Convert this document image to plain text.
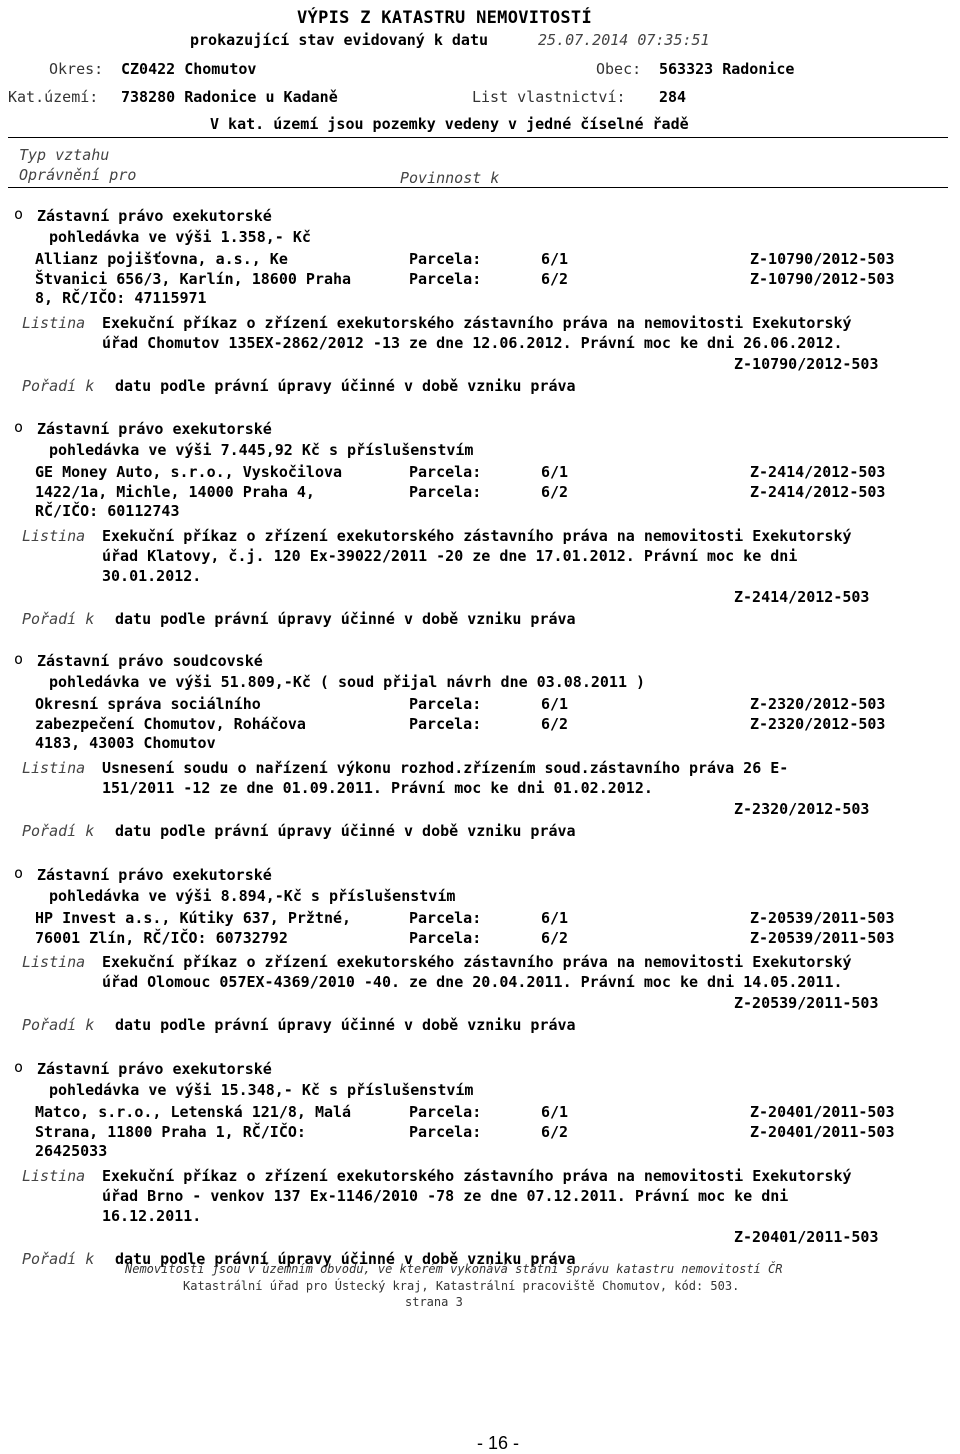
VÝPIS Z KATASTRU NEMOVITOSTÍ
prokazující stav evidovaný k datu	25.07.2014 07:35:51
Okres: CZ0422 Chomutov	Obec: 563323 Radonice
Kat.území: 738280 Radonice u Kadaně	List vlastnictví: 284
V kat. území jsou pozemky vedeny v jedné číselné řadě
Typ vztahu
Oprávnění pro	Povinnost k
o Zástavní právo exekutorské
pohledávka ve výši 1.358,- Kč
Allianz pojišťovna, a.s., Ke
Štvanici 656/3, Karlín, 18600 Praha
8, RČ/IČO: 47115971
Parcela:	6/1	Z-10790/2012-503
Parcela:	6/2	Z-10790/2012-503
Listina Exekuční příkaz o zřízení exekutorského zástavního práva na nemovitosti Exekutorský
úřad Chomutov 135EX-2862/2012 -13 ze dne 12.06.2012. Právní moc ke dni 26.06.2012.
Z-10790/2012-503
Pořadí k datu podle právní úpravy účinné v době vzniku práva
o Zástavní právo exekutorské
pohledávka ve výši 7.445,92 Kč s příslušenstvím
GE Money Auto, s.r.o., Vyskočilova
1422/1a, Michle, 14000 Praha 4,
RČ/IČO: 60112743
Parcela:	6/1	Z-2414/2012-503
Parcela:	6/2	Z-2414/2012-503
Listina Exekuční příkaz o zřízení exekutorského zástavního práva na nemovitosti Exekutorský
úřad Klatovy, č.j. 120 Ex-39022/2011 -20 ze dne 17.01.2012. Právní moc ke dni
30.01.2012.
Z-2414/2012-503
Pořadí k datu podle právní úpravy účinné v době vzniku práva
o Zástavní právo soudcovské
pohledávka ve výši 51.809,-Kč ( soud přijal návrh dne 03.08.2011 )
Okresní správa sociálního
zabezpečení Chomutov, Roháčova
4183, 43003 Chomutov
Parcela:	6/1	Z-2320/2012-503
Parcela:	6/2	Z-2320/2012-503
Listina Usnesení soudu o nařízení výkonu rozhod.zřízením soud.zástavního práva 26 E-
151/2011 -12 ze dne 01.09.2011. Právní moc ke dni 01.02.2012.
Z-2320/2012-503
Pořadí k datu podle právní úpravy účinné v době vzniku práva
o Zástavní právo exekutorské
pohledávka ve výši 8.894,-Kč s příslušenstvím
HP Invest a.s., Kútiky 637, Pržtné,
76001 Zlín, RČ/IČO: 60732792
Parcela:	6/1	Z-20539/2011-503
Parcela:	6/2	Z-20539/2011-503
Listina Exekuční příkaz o zřízení exekutorského zástavního práva na nemovitosti Exekutorský
úřad Olomouc 057EX-4369/2010 -40. ze dne 20.04.2011. Právní moc ke dni 14.05.2011.
Z-20539/2011-503
Pořadí k datu podle právní úpravy účinné v době vzniku práva
o Zástavní právo exekutorské
pohledávka ve výši 15.348,- Kč s příslušenstvím
Matco, s.r.o., Letenská 121/8, Malá
Strana, 11800 Praha 1, RČ/IČO:
26425033
Parcela:	6/1	Z-20401/2011-503
Parcela:	6/2	Z-20401/2011-503
Listina Exekuční příkaz o zřízení exekutorského zástavního práva na nemovitosti Exekutorský
úřad Brno - venkov 137 Ex-1146/2010 -78 ze dne 07.12.2011. Právní moc ke dni
16.12.2011.
Z-20401/2011-503
Pořadí k datu podle právní úpravy účinné v době vzniku práva
Nemovitosti jsou v územním obvodu, ve kterém vykonává státní správu katastru nemovitostí ČR
Katastrální úřad pro Ústecký kraj, Katastrální pracoviště Chomutov, kód: 503.
strana 3
- 16 -
